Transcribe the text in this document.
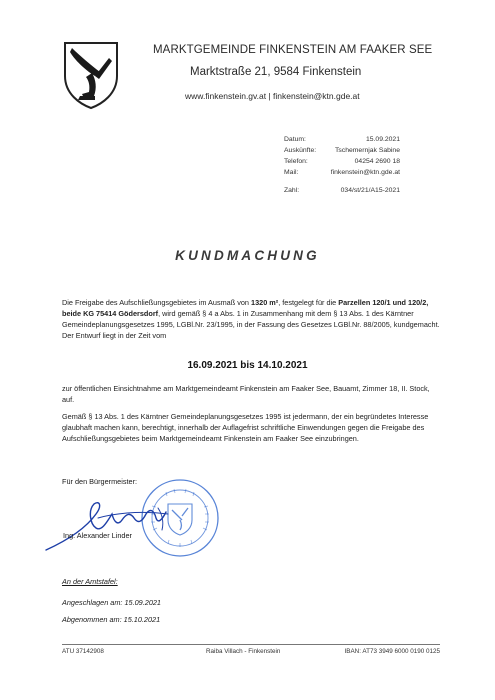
MARKTGEMEINDE FINKENSTEIN AM FAAKER SEE
Marktstraße 21, 9584 Finkenstein
www.finkenstein.gv.at | finkenstein@ktn.gde.at
Datum:	15.09.2021
Auskünfte:	Tschemernjak Sabine
Telefon:	04254 2690 18
Mail:	finkenstein@ktn.gde.at
Zahl:	034/st/21/A15-2021
KUNDMACHUNG
Die Freigabe des Aufschließungsgebietes im Ausmaß von 1320 m², festgelegt für die Parzellen 120/1 und 120/2, beide KG 75414 Gödersdorf, wird gemäß § 4 a Abs. 1 in Zusammenhang mit dem § 13 Abs. 1 des Kärntner Gemeindeplanungsgesetzes 1995, LGBl.Nr. 23/1995, in der Fassung des Gesetzes LGBl.Nr. 88/2005, kundgemacht. Der Entwurf liegt in der Zeit vom
16.09.2021 bis 14.10.2021
zur öffentlichen Einsichtnahme am Marktgemeindeamt Finkenstein am Faaker See, Bauamt, Zimmer 18, II. Stock, auf.
Gemäß § 13 Abs. 1 des Kärntner Gemeindeplanungsgesetzes 1995 ist jedermann, der ein begründetes Interesse glaubhaft machen kann, berechtigt, innerhalb der Auflagefrist schriftliche Einwendungen gegen die Freigabe des Aufschließungsgebietes beim Marktgemeindeamt Finkenstein am Faaker See einzubringen.
Für den Bürgermeister:
Ing. Alexander Linder
An der Amtstafel:
Angeschlagen am: 15.09.2021
Abgenommen am: 15.10.2021
ATU 37142908	Raiba Villach - Finkenstein	IBAN: AT73 3949 6000 0190 0125
